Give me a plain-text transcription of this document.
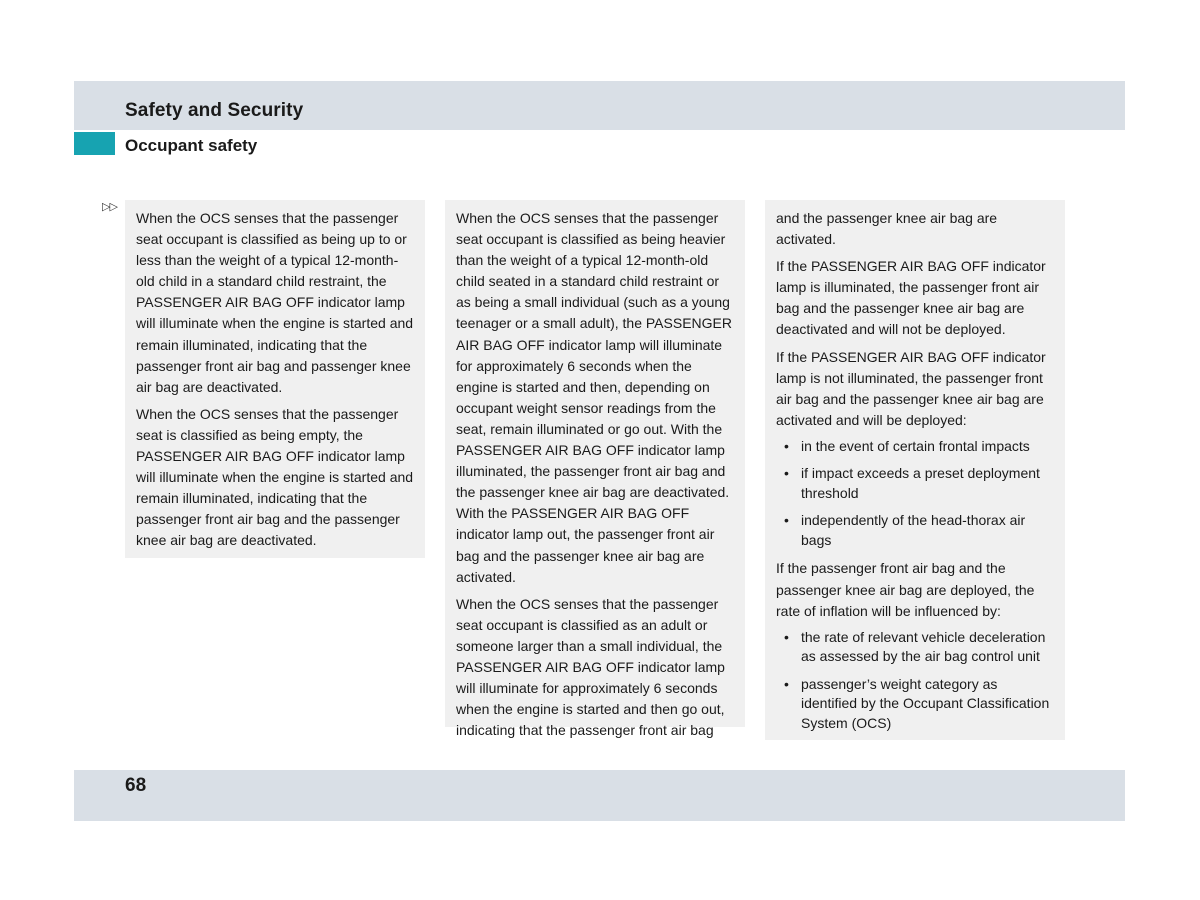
Safety and Security
Occupant safety
▷▷

When the OCS senses that the passenger seat occupant is classified as being up to or less than the weight of a typical 12-month-old child in a standard child restraint, the PASSENGER AIR BAG OFF indicator lamp will illuminate when the engine is started and remain illuminated, indicating that the passenger front air bag and passenger knee air bag are deactivated.

When the OCS senses that the passenger seat is classified as being empty, the PASSENGER AIR BAG OFF indicator lamp will illuminate when the engine is started and remain illuminated, indicating that the passenger front air bag and the passenger knee air bag are deactivated.

When the OCS senses that the passenger seat occupant is classified as being heavier than the weight of a typical 12-month-old child seated in a standard child restraint or as being a small individual (such as a young teenager or a small adult), the PASSENGER AIR BAG OFF indicator lamp will illuminate for approximately 6 seconds when the engine is started and then, depending on occupant weight sensor readings from the seat, remain illuminated or go out. With the PASSENGER AIR BAG OFF indicator lamp illuminated, the passenger front air bag and the passenger knee air bag are deactivated. With the PASSENGER AIR BAG OFF indicator lamp out, the passenger front air bag and the passenger knee air bag are activated.

When the OCS senses that the passenger seat occupant is classified as an adult or someone larger than a small individual, the PASSENGER AIR BAG OFF indicator lamp will illuminate for approximately 6 seconds when the engine is started and then go out, indicating that the passenger front air bag

and the passenger knee air bag are activated.

If the PASSENGER AIR BAG OFF indicator lamp is illuminated, the passenger front air bag and the passenger knee air bag are deactivated and will not be deployed.

If the PASSENGER AIR BAG OFF indicator lamp is not illuminated, the passenger front air bag and the passenger knee air bag are activated and will be deployed:

• in the event of certain frontal impacts
• if impact exceeds a preset deployment threshold
• independently of the head-thorax air bags

If the passenger front air bag and the passenger knee air bag are deployed, the rate of inflation will be influenced by:

• the rate of relevant vehicle deceleration as assessed by the air bag control unit
• passenger’s weight category as identified by the Occupant Classification System (OCS)
68
